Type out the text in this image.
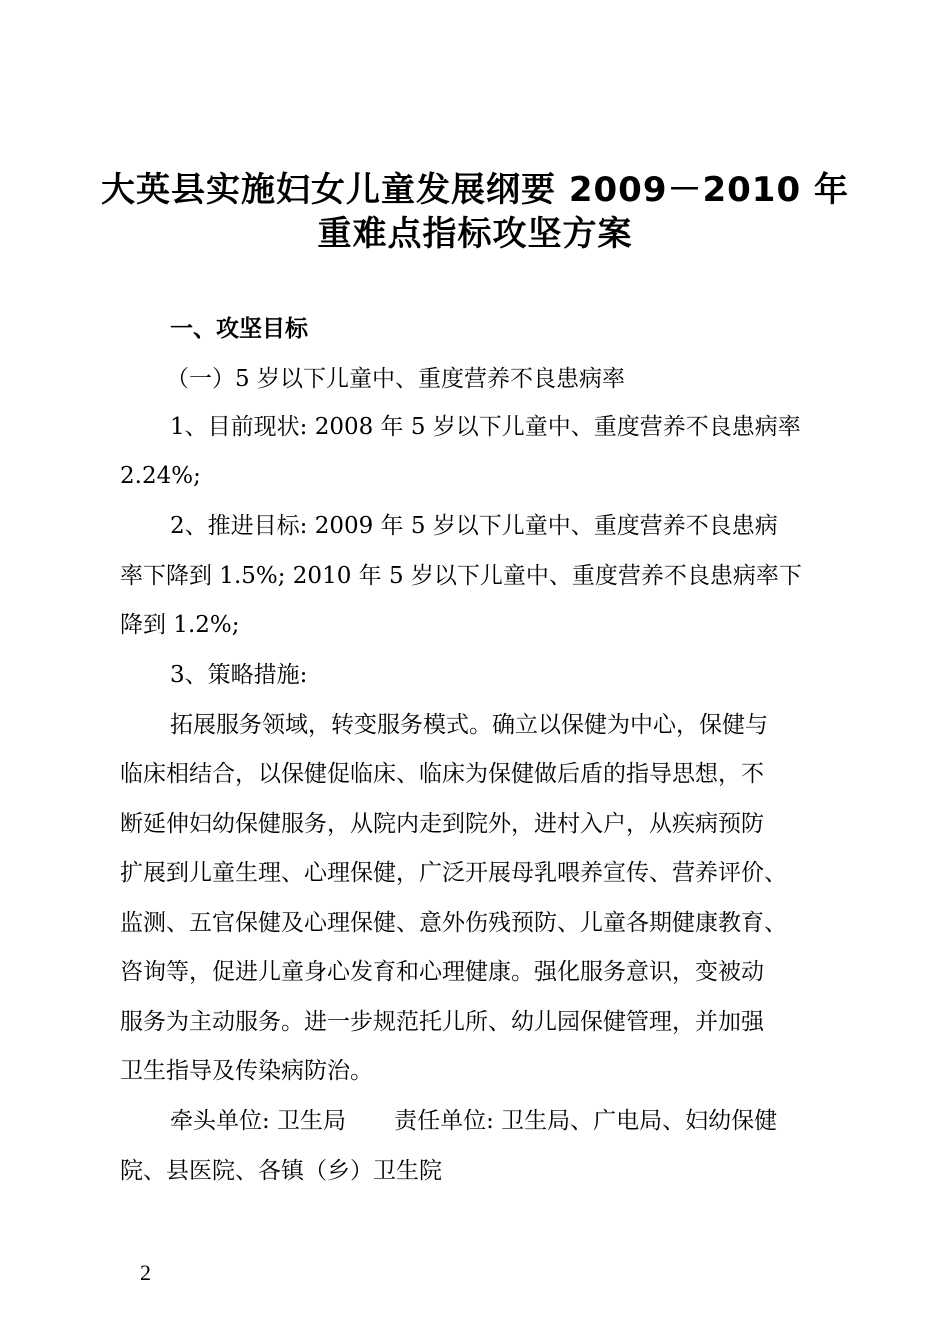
大英县实施妇女儿童发展纲要 2009－2010 年
重难点指标攻坚方案
一、攻坚目标
（一）5 岁以下儿童中、重度营养不良患病率
1、目前现状: 2008 年 5 岁以下儿童中、重度营养不良患病率
2.24%;
2、推进目标: 2009 年 5 岁以下儿童中、重度营养不良患病
率下降到 1.5%; 2010 年 5 岁以下儿童中、重度营养不良患病率下
降到 1.2%;
3、策略措施:
拓展服务领域，转变服务模式。确立以保健为中心，保健与
临床相结合，以保健促临床、临床为保健做后盾的指导思想，不
断延伸妇幼保健服务，从院内走到院外，进村入户，从疾病预防
扩展到儿童生理、心理保健，广泛开展母乳喂养宣传、营养评价、
监测、五官保健及心理保健、意外伤残预防、儿童各期健康教育、
咨询等，促进儿童身心发育和心理健康。强化服务意识，变被动
服务为主动服务。进一步规范托儿所、幼儿园保健管理，并加强
卫生指导及传染病防治。
牵头单位: 卫生局 责任单位: 卫生局、广电局、妇幼保健
院、县医院、各镇（乡）卫生院
2
